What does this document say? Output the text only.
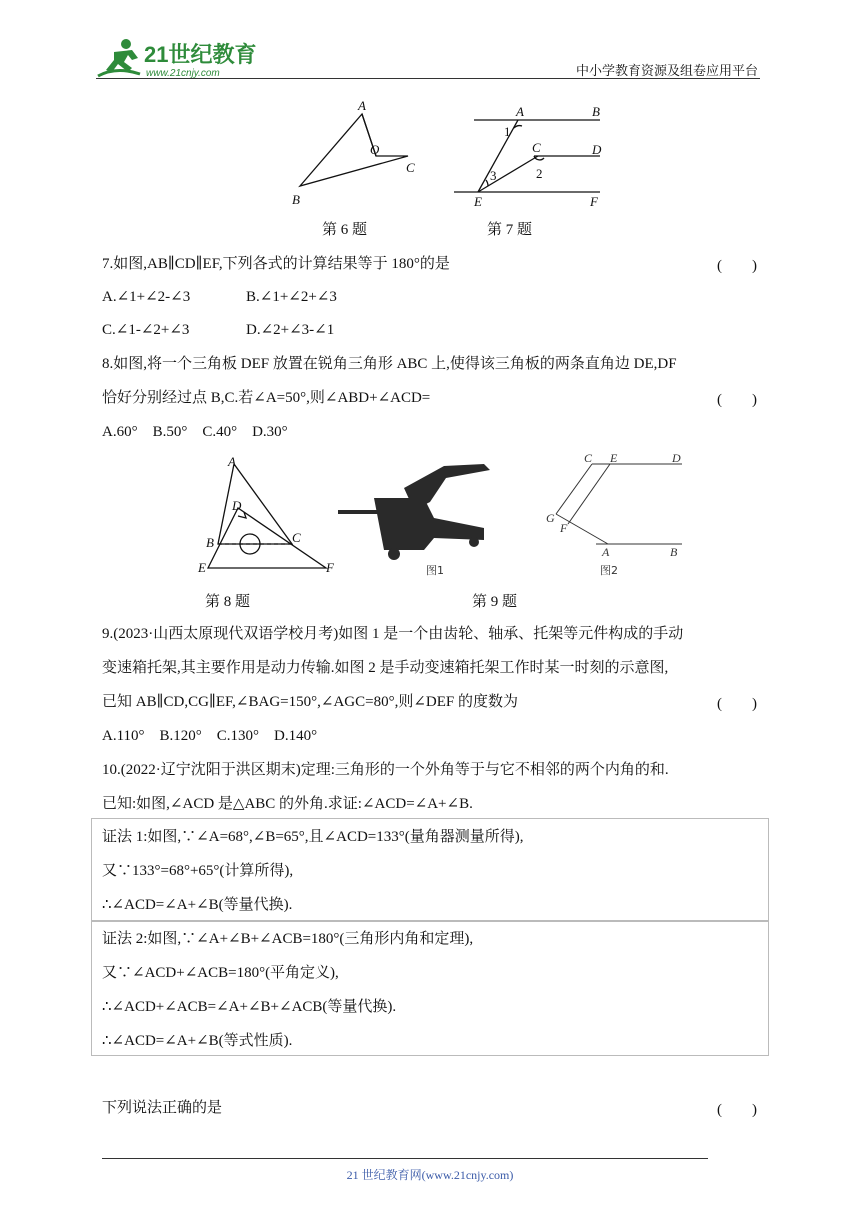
21世纪教育
www.21cnjy.com	中小学教育资源及组卷应用平台
A
B
C
O
第 6 题
A	B
C	D
E	F
1
2
3
第 7 题
7.如图,AB∥CD∥EF,下列各式的计算结果等于 180°的是	(　　)
A.∠1+∠2-∠3	B.∠1+∠2+∠3
C.∠1-∠2+∠3	D.∠2+∠3-∠1
8.如图,将一个三角板 DEF 放置在锐角三角形 ABC 上,使得该三角板的两条直角边 DE,DF
恰好分别经过点 B,C.若∠A=50°,则∠ABD+∠ACD=	(　　)
A.60°　B.50°　C.40°　D.30°
A
B	C
D
E	F	图1
C E	D
G
F
A	B
图2
第 8 题	第 9 题
9.(2023·山西太原现代双语学校月考)如图 1 是一个由齿轮、轴承、托架等元件构成的手动
变速箱托架,其主要作用是动力传输.如图 2 是手动变速箱托架工作时某一时刻的示意图,
已知 AB∥CD,CG∥EF,∠BAG=150°,∠AGC=80°,则∠DEF 的度数为	(　　)
A.110°　B.120°　C.130°　D.140°
10.(2022·辽宁沈阳于洪区期末)定理:三角形的一个外角等于与它不相邻的两个内角的和.
已知:如图,∠ACD 是△ABC 的外角.求证:∠ACD=∠A+∠B.
证法 1:如图,∵∠A=68°,∠B=65°,且∠ACD=133°(量角器测量所得),
又∵133°=68°+65°(计算所得),
∴∠ACD=∠A+∠B(等量代换).
证法 2:如图,∵∠A+∠B+∠ACB=180°(三角形内角和定理),
又∵∠ACD+∠ACB=180°(平角定义),
∴∠ACD+∠ACB=∠A+∠B+∠ACB(等量代换).
∴∠ACD=∠A+∠B(等式性质).
下列说法正确的是	(　　)
21 世纪教育网(www.21cnjy.com)
